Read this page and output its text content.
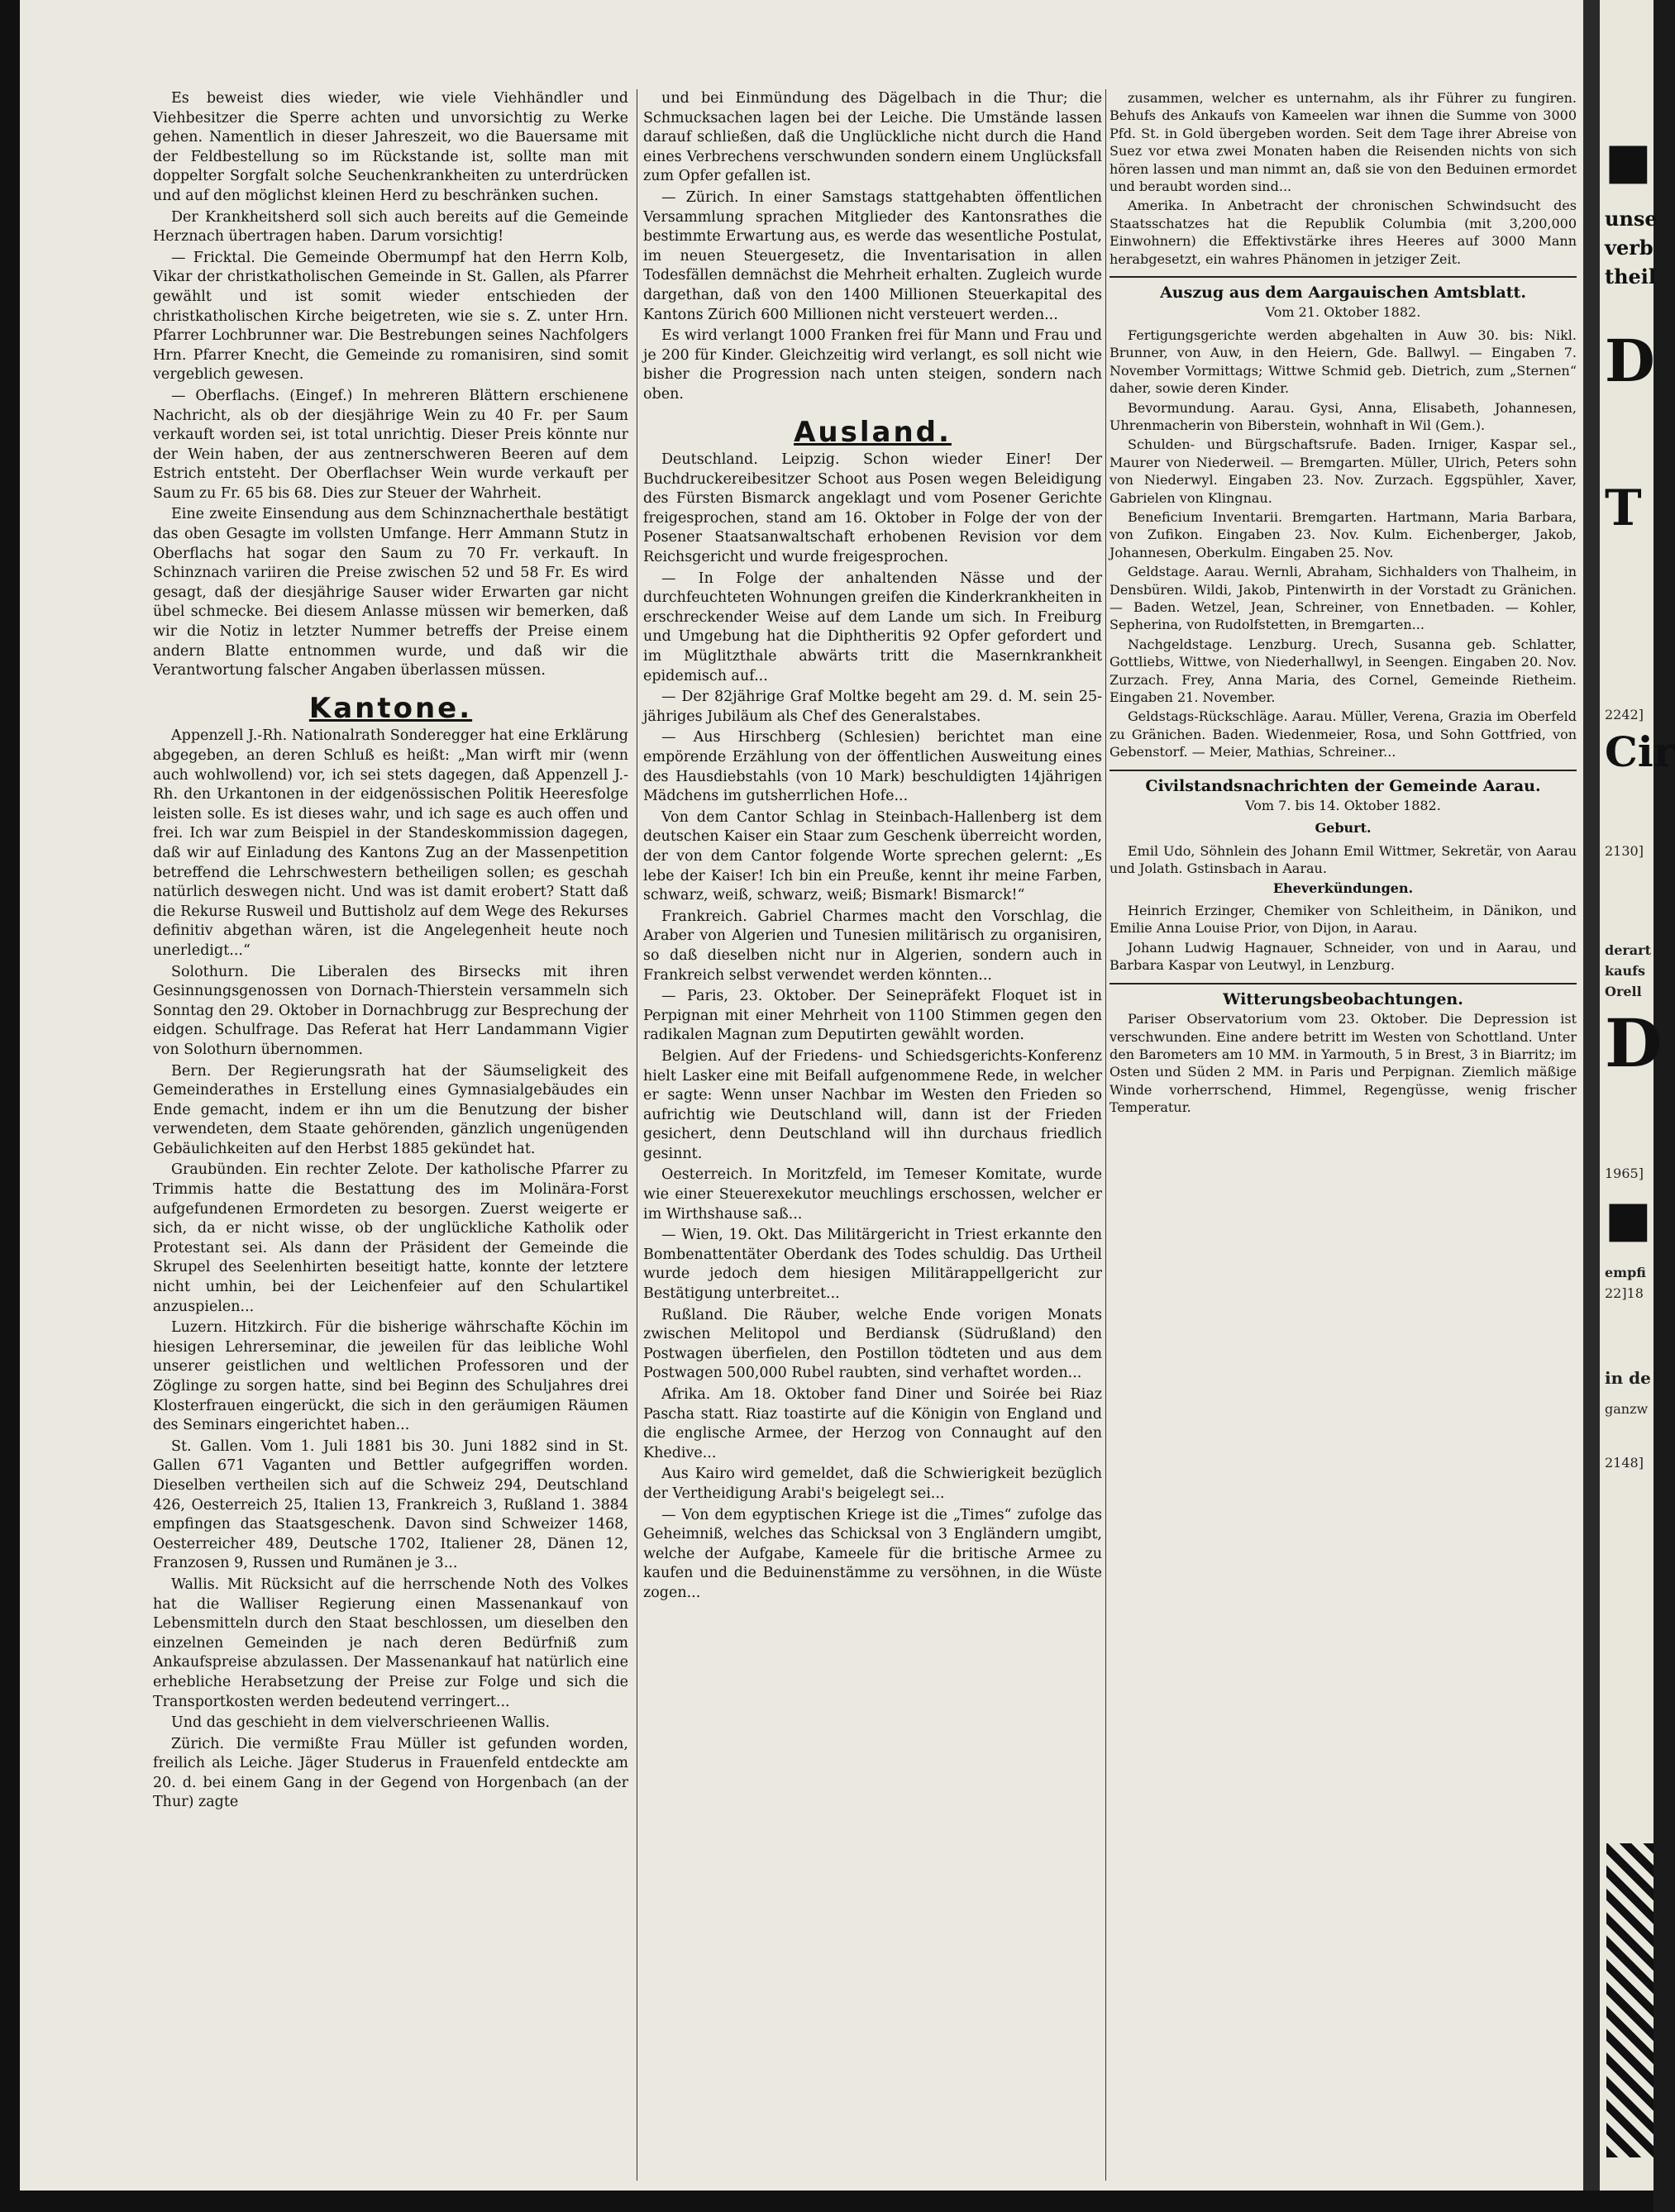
Es beweist dies wieder, wie viele Viehhändler und Viehbesitzer die Sperre achten und unvorsichtig zu Werke gehen. Namentlich in dieser Jahreszeit, wo die Bauersame mit der Feldbestellung so im Rückstande ist, sollte man mit doppelter Sorgfalt solche Seuchenkrankheiten zu unterdrücken und auf den möglichst kleinen Herd zu beschränken suchen.

Der Krankheitsherd soll sich auch bereits auf die Gemeinde Herznach übertragen haben. Darum vorsichtig!

— Fricktal. Die Gemeinde Obermumpf hat den Herrn Kolb, Vikar der christkatholischen Gemeinde in St. Gallen, als Pfarrer gewählt und ist somit wieder entschieden der christkatholischen Kirche beigetreten, wie sie s. Z. unter Hrn. Pfarrer Lochbrunner war. Die Bestrebungen seines Nachfolgers Hrn. Pfarrer Knecht, die Gemeinde zu romanisiren, sind somit vergeblich gewesen.

— Oberflachs. (Eingef.) In mehreren Blättern erschienene Nachricht, als ob der diesjährige Wein zu 40 Fr. per Saum verkauft worden sei, ist total unrichtig. Dieser Preis könnte nur der Wein haben, der aus zentnerschweren Beeren auf dem Estrich entsteht. Der Oberflachser Wein wurde verkauft per Saum zu Fr. 65 bis 68. Dies zur Steuer der Wahrheit.

Eine zweite Einsendung aus dem Schinznacherthale bestätigt das oben Gesagte im vollsten Umfange. Herr Ammann Stutz in Oberflachs hat sogar den Saum zu 70 Fr. verkauft. In Schinznach variiren die Preise zwischen 52 und 58 Fr. Es wird gesagt, daß der diesjährige Sauser wider Erwarten gar nicht übel schmecke. Bei diesem Anlasse müssen wir bemerken, daß wir die Notiz in letzter Nummer betreffs der Preise einem andern Blatte entnommen wurde, und daß wir die Verantwortung falscher Angaben überlassen müssen.

Kantone.

Appenzell J.-Rh. Nationalrath Sonderegger hat eine Erklärung abgegeben, an deren Schluß es heißt: „Man wirft mir (wenn auch wohlwollend) vor, ich sei stets dagegen, daß Appenzell J.-Rh. den Urkantonen in der eidgenössischen Politik Heeresfolge leisten solle. Es ist dieses wahr, und ich sage es auch offen und frei. Ich war zum Beispiel in der Standeskommission dagegen, daß wir auf Einladung des Kantons Zug an der Massenpetition betreffend die Lehrschwestern betheiligen sollen; es geschah natürlich deswegen nicht. Und was ist damit erobert? Statt daß die Rekurse Rusweil und Buttisholz auf dem Wege des Rekurses definitiv abgethan wären, ist die Angelegenheit heute noch unerledigt...“

Solothurn. Die Liberalen des Birsecks mit ihren Gesinnungsgenossen von Dornach-Thierstein versammeln sich Sonntag den 29. Oktober in Dornachbrugg zur Besprechung der eidgen. Schulfrage. Das Referat hat Herr Landammann Vigier von Solothurn übernommen.

Bern. Der Regierungsrath hat der Säumseligkeit des Gemeinderathes in Erstellung eines Gymnasialgebäudes ein Ende gemacht, indem er ihn um die Benutzung der bisher verwendeten, dem Staate gehörenden, gänzlich ungenügenden Gebäulichkeiten auf den Herbst 1885 gekündet hat.

Graubünden. Ein rechter Zelote. Der katholische Pfarrer zu Trimmis hatte die Bestattung des im Molinära-Forst aufgefundenen Ermordeten zu besorgen. Zuerst weigerte er sich, da er nicht wisse, ob der unglückliche Katholik oder Protestant sei. Als dann der Präsident der Gemeinde die Skrupel des Seelenhirten beseitigt hatte, konnte der letztere nicht umhin, bei der Leichenfeier auf den Schulartikel anzuspielen...

Luzern. Hitzkirch. Für die bisherige währschafte Köchin im hiesigen Lehrerseminar, die jeweilen für das leibliche Wohl unserer geistlichen und weltlichen Professoren und der Zöglinge zu sorgen hatte, sind bei Beginn des Schuljahres drei Klosterfrauen eingerückt, die sich in den geräumigen Räumen des Seminars eingerichtet haben...

St. Gallen. Vom 1. Juli 1881 bis 30. Juni 1882 sind in St. Gallen 671 Vaganten und Bettler aufgegriffen worden. Dieselben vertheilen sich auf die Schweiz 294, Deutschland 426, Oesterreich 25, Italien 13, Frankreich 3, Rußland 1. 3884 empfingen das Staatsgeschenk. Davon sind Schweizer 1468, Oesterreicher 489, Deutsche 1702, Italiener 28, Dänen 12, Franzosen 9, Russen und Rumänen je 3...

Wallis. Mit Rücksicht auf die herrschende Noth des Volkes hat die Walliser Regierung einen Massenankauf von Lebensmitteln durch den Staat beschlossen, um dieselben den einzelnen Gemeinden je nach deren Bedürfniß zum Ankaufspreise abzulassen. Der Massenankauf hat natürlich eine erhebliche Herabsetzung der Preise zur Folge und sich die Transportkosten werden bedeutend verringert...

Und das geschieht in dem vielverschrieenen Wallis.

Zürich. Die vermißte Frau Müller ist gefunden worden, freilich als Leiche. Jäger Studerus in Frauenfeld entdeckte am 20. d. bei einem Gang in der Gegend von Horgenbach (an der Thur) zagte

und bei Einmündung des Dägelbach in die Thur; die Schmucksachen lagen bei der Leiche. Die Umstände lassen darauf schließen, daß die Unglückliche nicht durch die Hand eines Verbrechens verschwunden sondern einem Unglücksfall zum Opfer gefallen ist.

— Zürich. In einer Samstags stattgehabten öffentlichen Versammlung sprachen Mitglieder des Kantonsrathes die bestimmte Erwartung aus, es werde das wesentliche Postulat, im neuen Steuergesetz, die Inventarisation in allen Todesfällen demnächst die Mehrheit erhalten. Zugleich wurde dargethan, daß von den 1400 Millionen Steuerkapital des Kantons Zürich 600 Millionen nicht versteuert werden...

Es wird verlangt 1000 Franken frei für Mann und Frau und je 200 für Kinder. Gleichzeitig wird verlangt, es soll nicht wie bisher die Progression nach unten steigen, sondern nach oben.

Ausland.

Deutschland. Leipzig. Schon wieder Einer! Der Buchdruckereibesitzer Schoot aus Posen wegen Beleidigung des Fürsten Bismarck angeklagt und vom Posener Gerichte freigesprochen, stand am 16. Oktober in Folge der von der Posener Staatsanwaltschaft erhobenen Revision vor dem Reichsgericht und wurde freigesprochen.

— In Folge der anhaltenden Nässe und der durchfeuchteten Wohnungen greifen die Kinderkrankheiten in erschreckender Weise auf dem Lande um sich. In Freiburg und Umgebung hat die Diphtheritis 92 Opfer gefordert und im Müglitzthale abwärts tritt die Masernkrankheit epidemisch auf...

— Der 82jährige Graf Moltke begeht am 29. d. M. sein 25-jähriges Jubiläum als Chef des Generalstabes.

— Aus Hirschberg (Schlesien) berichtet man eine empörende Erzählung von der öffentlichen Ausweitung eines des Hausdiebstahls (von 10 Mark) beschuldigten 14jährigen Mädchens im gutsherrlichen Hofe...

Von dem Cantor Schlag in Steinbach-Hallenberg ist dem deutschen Kaiser ein Staar zum Geschenk überreicht worden, der von dem Cantor folgende Worte sprechen gelernt: „Es lebe der Kaiser! Ich bin ein Preuße, kennt ihr meine Farben, schwarz, weiß, schwarz, weiß; Bismark! Bismarck!“

Frankreich. Gabriel Charmes macht den Vorschlag, die Araber von Algerien und Tunesien militärisch zu organisiren, so daß dieselben nicht nur in Algerien, sondern auch in Frankreich selbst verwendet werden könnten...

— Paris, 23. Oktober. Der Seinepräfekt Floquet ist in Perpignan mit einer Mehrheit von 1100 Stimmen gegen den radikalen Magnan zum Deputirten gewählt worden.

Belgien. Auf der Friedens- und Schiedsgerichts-Konferenz hielt Lasker eine mit Beifall aufgenommene Rede, in welcher er sagte: Wenn unser Nachbar im Westen den Frieden so aufrichtig wie Deutschland will, dann ist der Frieden gesichert, denn Deutschland will ihn durchaus friedlich gesinnt.

Oesterreich. In Moritzfeld, im Temeser Komitate, wurde wie einer Steuerexekutor meuchlings erschossen, welcher er im Wirthshause saß...

— Wien, 19. Okt. Das Militärgericht in Triest erkannte den Bombenattentäter Oberdank des Todes schuldig. Das Urtheil wurde jedoch dem hiesigen Militärappellgericht zur Bestätigung unterbreitet...

Rußland. Die Räuber, welche Ende vorigen Monats zwischen Melitopol und Berdiansk (Südrußland) den Postwagen überfielen, den Postillon tödteten und aus dem Postwagen 500,000 Rubel raubten, sind verhaftet worden...

Afrika. Am 18. Oktober fand Diner und Soirée bei Riaz Pascha statt. Riaz toastirte auf die Königin von England und die englische Armee, der Herzog von Connaught auf den Khedive...

Aus Kairo wird gemeldet, daß die Schwierigkeit bezüglich der Vertheidigung Arabi's beigelegt sei...

— Von dem egyptischen Kriege ist die „Times“ zufolge das Geheimniß, welches das Schicksal von 3 Engländern umgibt, welche der Aufgabe, Kameele für die britische Armee zu kaufen und die Beduinenstämme zu versöhnen, in die Wüste zogen...

zusammen, welcher es unternahm, als ihr Führer zu fungiren. Behufs des Ankaufs von Kameelen war ihnen die Summe von 3000 Pfd. St. in Gold übergeben worden. Seit dem Tage ihrer Abreise von Suez vor etwa zwei Monaten haben die Reisenden nichts von sich hören lassen und man nimmt an, daß sie von den Beduinen ermordet und beraubt worden sind...

Amerika. In Anbetracht der chronischen Schwindsucht des Staatsschatzes hat die Republik Columbia (mit 3,200,000 Einwohnern) die Effektivstärke ihres Heeres auf 3000 Mann herabgesetzt, ein wahres Phänomen in jetziger Zeit.

Auszug aus dem Aargauischen Amtsblatt.
Vom 21. Oktober 1882.

Fertigungsgerichte werden abgehalten in Auw 30. bis: Nikl. Brunner, von Auw, in den Heiern, Gde. Ballwyl. — Eingaben 7. November Vormittags; Wittwe Schmid geb. Dietrich, zum „Sternen“ daher, sowie deren Kinder.

Bevormundung. Aarau. Gysi, Anna, Elisabeth, Johannesen, Uhrenmacherin von Biberstein, wohnhaft in Wil (Gem.).

Schulden- und Bürgschaftsrufe. Baden. Irniger, Kaspar sel., Maurer von Niederweil. — Bremgarten. Müller, Ulrich, Peters sohn von Niederwyl. Eingaben 23. Nov. Zurzach. Eggspühler, Xaver, Gabrielen von Klingnau.

Beneficium Inventarii. Bremgarten. Hartmann, Maria Barbara, von Zufikon. Eingaben 23. Nov. Kulm. Eichenberger, Jakob, Johannesen, Oberkulm. Eingaben 25. Nov.

Geldstage. Aarau. Wernli, Abraham, Sichhalders von Thalheim, in Densbüren. Wildi, Jakob, Pintenwirth in der Vorstadt zu Gränichen. — Baden. Wetzel, Jean, Schreiner, von Ennetbaden. — Kohler, Sepherina, von Rudolfstetten, in Bremgarten...

Nachgeldstage. Lenzburg. Urech, Susanna geb. Schlatter, Gottliebs, Wittwe, von Niederhallwyl, in Seengen. Eingaben 20. Nov. Zurzach. Frey, Anna Maria, des Cornel, Gemeinde Rietheim. Eingaben 21. November.

Geldstags-Rückschläge. Aarau. Müller, Verena, Grazia im Oberfeld zu Gränichen. Baden. Wiedenmeier, Rosa, und Sohn Gottfried, von Gebenstorf. — Meier, Mathias, Schreiner...

Civilstandsnachrichten der Gemeinde Aarau.
Vom 7. bis 14. Oktober 1882.
Geburt.

Emil Udo, Söhnlein des Johann Emil Wittmer, Sekretär, von Aarau und Jolath. Gstinsbach in Aarau.

Eheverkündungen.

Heinrich Erzinger, Chemiker von Schleitheim, in Dänikon, und Emilie Anna Louise Prior, von Dijon, in Aarau.

Johann Ludwig Hagnauer, Schneider, von und in Aarau, und Barbara Kaspar von Leutwyl, in Lenzburg.

Witterungsbeobachtungen.

Pariser Observatorium vom 23. Oktober. Die Depression ist verschwunden. Eine andere betritt im Westen von Schottland. Unter den Barometers am 10 MM. in Yarmouth, 5 in Brest, 3 in Biarritz; im Osten und Süden 2 MM. in Paris und Perpignan. Ziemlich mäßige Winde vorherrschend, Himmel, Regengüsse, wenig frischer Temperatur.

■
unse
verb
theil
D
T
2242]
Cir
2130]
derart
kaufs
Orell
D
1965]
■
empfi
22]18
in de
ganzw
2148]
